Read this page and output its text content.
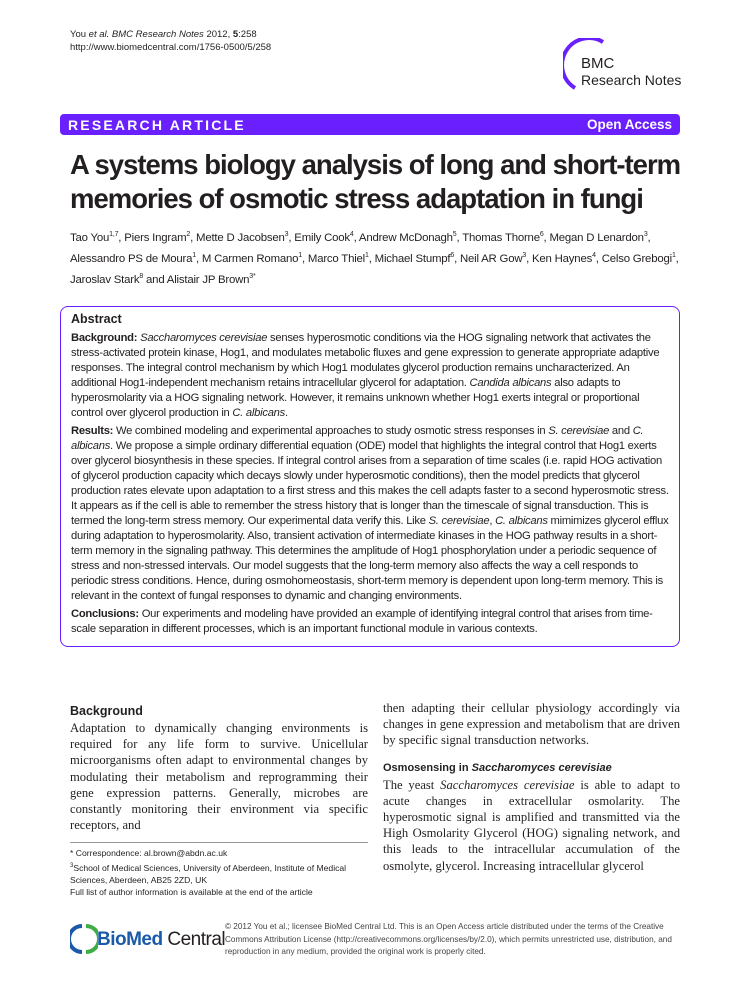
You et al. BMC Research Notes 2012, 5:258
http://www.biomedcentral.com/1756-0500/5/258
BMC
Research Notes
RESEARCH ARTICLE	Open Access
A systems biology analysis of long and short-term memories of osmotic stress adaptation in fungi
Tao You$^{1,7}$, Piers Ingram$^2$, Mette D Jacobsen$^3$, Emily Cook$^4$, Andrew McDonagh$^5$, Thomas Thorne$^6$, Megan D Lenardon$^3$, Alessandro PS de Moura$^1$, M Carmen Romano$^1$, Marco Thiel$^1$, Michael Stumpf$^6$, Neil AR Gow$^3$, Ken Haynes$^4$, Celso Grebogi$^1$, Jaroslav Stark$^8$ and Alistair JP Brown$^{3*}$
Abstract

Background: Saccharomyces cerevisiae senses hyperosmotic conditions via the HOG signaling network that activates the stress-activated protein kinase, Hog1, and modulates metabolic fluxes and gene expression to generate appropriate adaptive responses. The integral control mechanism by which Hog1 modulates glycerol production remains uncharacterized. An additional Hog1-independent mechanism retains intracellular glycerol for adaptation. Candida albicans also adapts to hyperosmolarity via a HOG signaling network. However, it remains unknown whether Hog1 exerts integral or proportional control over glycerol production in C. albicans.

Results: We combined modeling and experimental approaches to study osmotic stress responses in S. cerevisiae and C. albicans. We propose a simple ordinary differential equation (ODE) model that highlights the integral control that Hog1 exerts over glycerol biosynthesis in these species. If integral control arises from a separation of time scales (i.e. rapid HOG activation of glycerol production capacity which decays slowly under hyperosmotic conditions), then the model predicts that glycerol production rates elevate upon adaptation to a first stress and this makes the cell adapts faster to a second hyperosmotic stress. It appears as if the cell is able to remember the stress history that is longer than the timescale of signal transduction. This is termed the long-term stress memory. Our experimental data verify this. Like S. cerevisiae, C. albicans mimimizes glycerol efflux during adaptation to hyperosmolarity. Also, transient activation of intermediate kinases in the HOG pathway results in a short-term memory in the signaling pathway. This determines the amplitude of Hog1 phosphorylation under a periodic sequence of stress and non-stressed intervals. Our model suggests that the long-term memory also affects the way a cell responds to periodic stress conditions. Hence, during osmohomeostasis, short-term memory is dependent upon long-term memory. This is relevant in the context of fungal responses to dynamic and changing environments.

Conclusions: Our experiments and modeling have provided an example of identifying integral control that arises from time-scale separation in different processes, which is an important functional module in various contexts.

Background

Adaptation to dynamically changing environments is required for any life form to survive. Unicellular microorganisms often adapt to environmental changes by modulating their metabolism and reprogramming their gene expression patterns. Generally, microbes are constantly monitoring their environment via specific receptors, and

then adapting their cellular physiology accordingly via changes in gene expression and metabolism that are driven by specific signal transduction networks.

Osmosensing in Saccharomyces cerevisiae

The yeast Saccharomyces cerevisiae is able to adapt to acute changes in extracellular osmolarity. The hyperosmotic signal is amplified and transmitted via the High Osmolarity Glycerol (HOG) signaling network, and this leads to the intracellular accumulation of the osmolyte, glycerol. Increasing intracellular glycerol

* Correspondence: al.brown@abdn.ac.uk
$^3$School of Medical Sciences, University of Aberdeen, Institute of Medical Sciences, Aberdeen, AB25 2ZD, UK
Full list of author information is available at the end of the article
BioMed Central
© 2012 You et al.; licensee BioMed Central Ltd. This is an Open Access article distributed under the terms of the Creative Commons Attribution License (http://creativecommons.org/licenses/by/2.0), which permits unrestricted use, distribution, and reproduction in any medium, provided the original work is properly cited.
